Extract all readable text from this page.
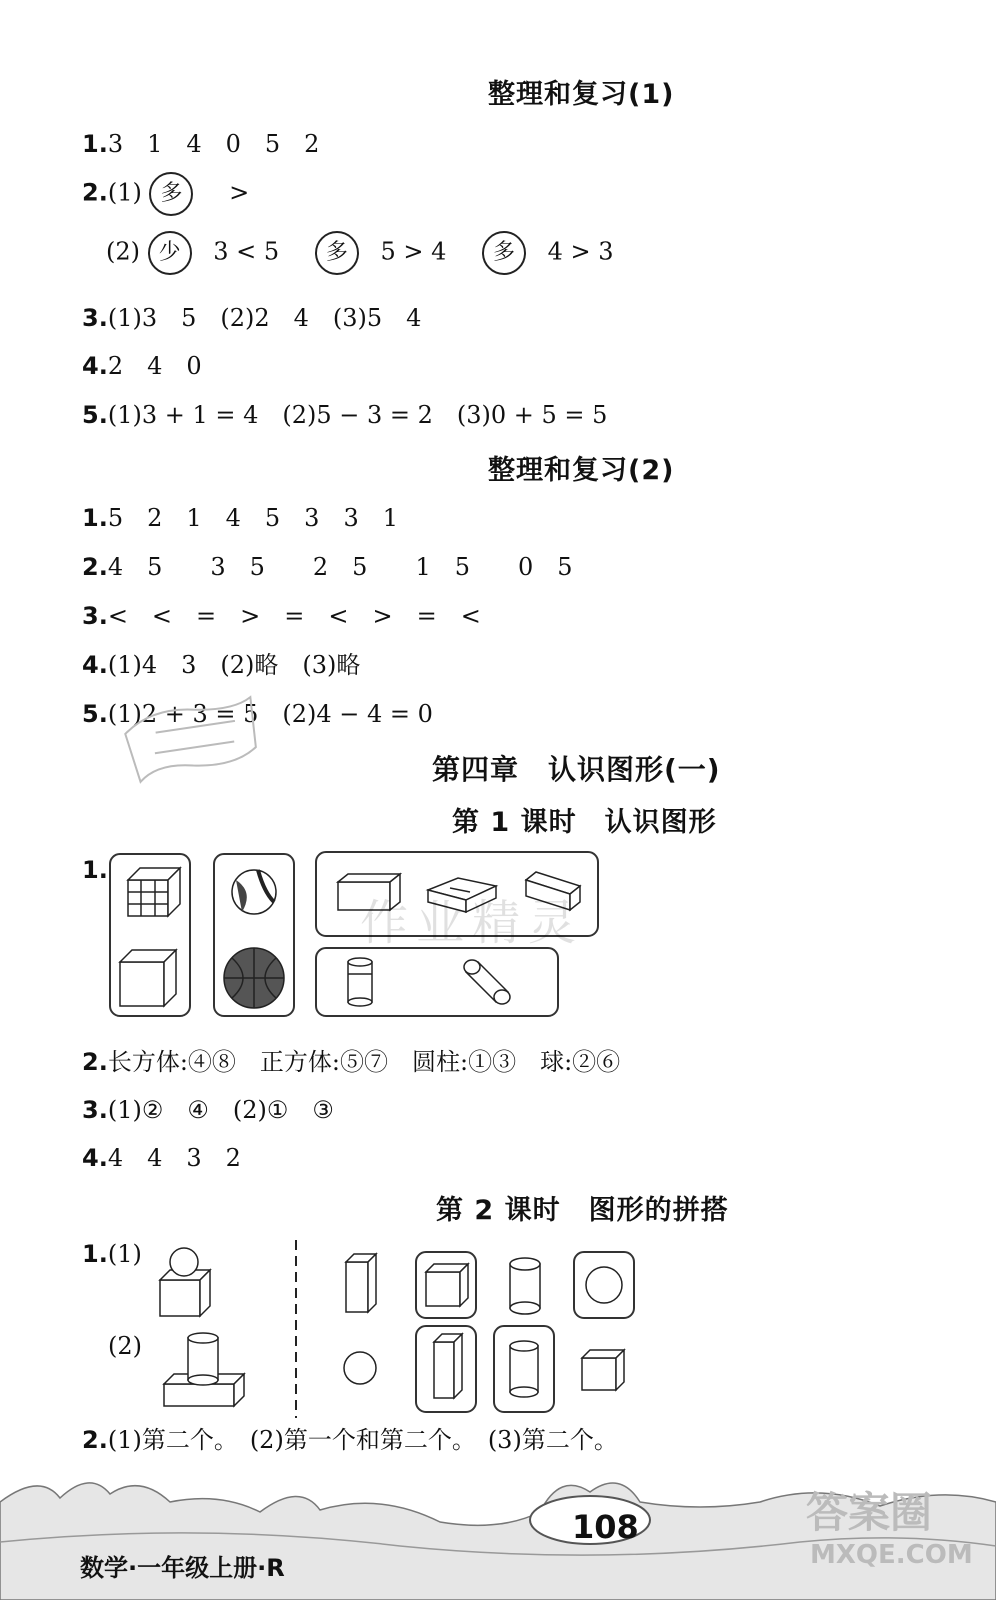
整理和复习(1)
1.3　1　4　0　5　2
2.(1) 多 >
(2) 少 3 < 5 多 5 > 4 多 4 > 3
3.(1)3　5　(2)2　4　(3)5　4
4.2　4　0
5.(1)3 + 1 = 4　(2)5 − 3 = 2　(3)0 + 5 = 5
整理和复习(2)
1.5　2　1　4　5　3　3　1
2.4　5　　3　5　　2　5　　1　5　　0　5
3.<　<　=　>　=　<　>　=　<
4.(1)4　3　(2)略　(3)略
5.(1)2 + 3 = 5　(2)4 − 4 = 0
第四章　认识图形(一)
第 1 课时　认识图形
1.
作业精灵
2.长方体:④⑧　正方体:⑤⑦　圆柱:①③　球:②⑥
3.(1)②　④　(2)①　③
4.4　4　3　2
第 2 课时　图形的拼搭
1.(1)
(2)
2.(1)第二个。　(2)第一个和第二个。　(3)第二个。
数学·一年级上册·R
108	答案圈
MXQE.COM
